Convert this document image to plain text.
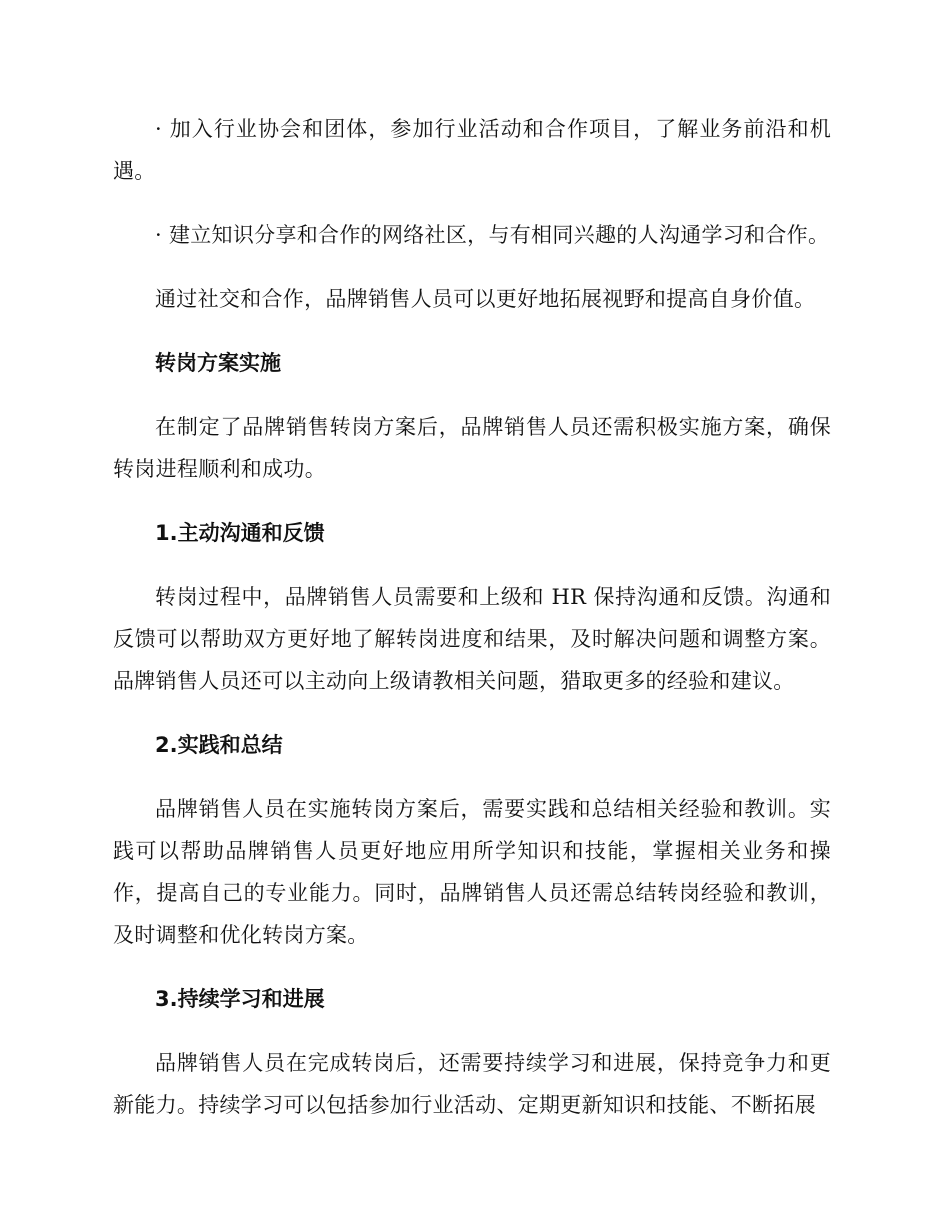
· 加入行业协会和团体，参加行业活动和合作项目，了解业务前沿和机遇。

· 建立知识分享和合作的网络社区，与有相同兴趣的人沟通学习和合作。

通过社交和合作，品牌销售人员可以更好地拓展视野和提高自身价值。

转岗方案实施

在制定了品牌销售转岗方案后，品牌销售人员还需积极实施方案，确保转岗进程顺利和成功。

1.主动沟通和反馈

转岗过程中，品牌销售人员需要和上级和 HR 保持沟通和反馈。沟通和反馈可以帮助双方更好地了解转岗进度和结果，及时解决问题和调整方案。品牌销售人员还可以主动向上级请教相关问题，猎取更多的经验和建议。

2.实践和总结

品牌销售人员在实施转岗方案后，需要实践和总结相关经验和教训。实践可以帮助品牌销售人员更好地应用所学知识和技能，掌握相关业务和操作，提高自己的专业能力。同时，品牌销售人员还需总结转岗经验和教训，及时调整和优化转岗方案。

3.持续学习和进展

品牌销售人员在完成转岗后，还需要持续学习和进展，保持竞争力和更新能力。持续学习可以包括参加行业活动、定期更新知识和技能、不断拓展
